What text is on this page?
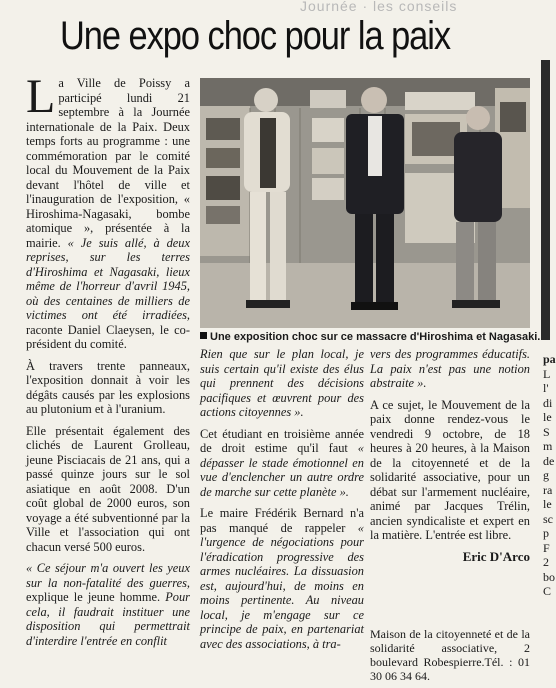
Journée · les conseils
Une expo choc pour la paix

La Ville de Poissy a participé lundi 21 septembre à la Journée internationale de la Paix. Deux temps forts au programme : une commémoration par le comité local du Mouvement de la Paix devant l'hôtel de ville et l'inauguration de l'exposition, « Hiroshima-Nagasaki, bombe atomique », présentée à la mairie. « Je suis allé, à deux reprises, sur les terres d'Hiroshima et Nagasaki, lieux même de l'horreur d'avril 1945, où des centaines de milliers de victimes ont été irradiées, raconte Daniel Claeysen, le co-président du comité.

À travers trente panneaux, l'exposition donnait à voir les dégâts causés par les explosions au plutonium et à l'uranium.

Elle présentait également des clichés de Laurent Grolleau, jeune Pisciacais de 21 ans, qui a passé quinze jours sur le sol asiatique en août 2008. D'un coût global de 2000 euros, son voyage a été subventionné par la Ville et l'association qui ont chacun versé 500 euros.

« Ce séjour m'a ouvert les yeux sur la non-fatalité des guerres, explique le jeune homme. Pour cela, il faudrait instituer une disposition qui permettrait d'interdire l'entrée en conflit

Une exposition choc sur ce massacre d'Hiroshima et Nagasaki.

Rien que sur le plan local, je suis certain qu'il existe des élus qui prennent des décisions pacifiques et œuvrent pour des actions citoyennes ».

Cet étudiant en troisième année de droit estime qu'il faut « dépasser le stade émotionnel en vue d'enclencher un autre ordre de marche sur cette planète ».

Le maire Frédérik Bernard n'a pas manqué de rappeler « l'urgence de négociations pour l'éradication progressive des armes nucléaires. La dissuasion est, aujourd'hui, de moins en moins pertinente. Au niveau local, je m'engage sur ce principe de paix, en partenariat avec des associations, à tra-

vers des programmes éducatifs. La paix n'est pas une notion abstraite ».

A ce sujet, le Mouvement de la paix donne rendez-vous le vendredi 9 octobre, de 18 heures à 20 heures, à la Maison de la citoyenneté et de la solidarité associative, pour un débat sur l'armement nucléaire, animé par Jacques Trélin, ancien syndicaliste et expert en la matière. L'entrée est libre.

Eric D'Arco
Maison de la citoyenneté et de la solidarité associative, 2 boulevard Robespierre.Tél. : 01 30 06 34 64.
pa
L
l'
di
le
S
m
de
g
ra
le
sc
p
F
2
bo
C
